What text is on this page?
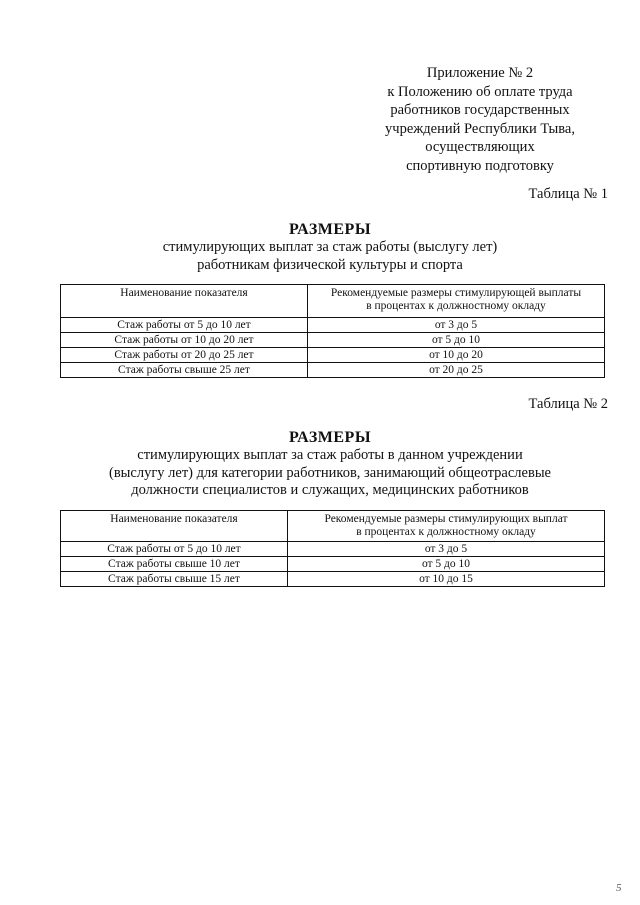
Приложение № 2
к Положению об оплате труда
работников государственных
учреждений Республики Тыва,
осуществляющих
спортивную подготовку
Таблица № 1
РАЗМЕРЫ
стимулирующих выплат за стаж работы (выслугу лет)
работникам физической культуры и спорта
Наименование показателя	Рекомендуемые размеры стимулирующей выплаты
в процентах к должностному окладу

Стаж работы от 5 до 10 лет	от 3 до 5
Стаж работы от 10 до 20 лет	от 5 до 10
Стаж работы от 20 до 25 лет	от 10 до 20
Стаж работы свыше 25 лет	от 20 до 25
Таблица № 2
РАЗМЕРЫ
стимулирующих выплат за стаж работы в данном учреждении
(выслугу лет) для категории работников, занимающий общеотраслевые
должности специалистов и служащих, медицинских работников
Наименование показателя	Рекомендуемые размеры стимулирующих выплат
в процентах к должностному окладу

Стаж работы от 5 до 10 лет	от 3 до 5
Стаж работы свыше 10 лет	от 5 до 10
Стаж работы свыше 15 лет	от 10 до 15
5
